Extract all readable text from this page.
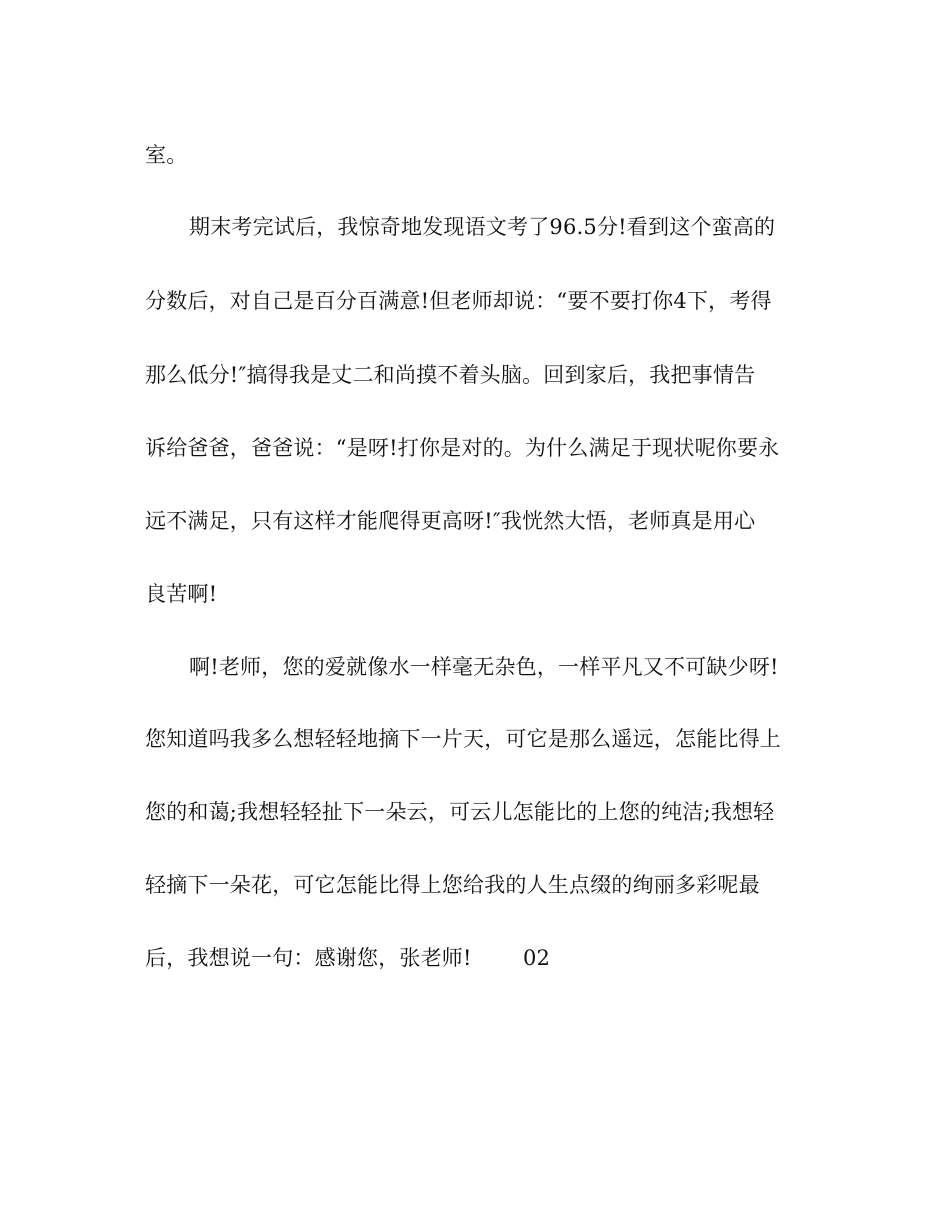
室。
期末考完试后，我惊奇地发现语文考了96.5分!看到这个蛮高的
分数后，对自己是百分百满意!但老师却说：“要不要打你4下，考得
那么低分!″搞得我是丈二和尚摸不着头脑。回到家后，我把事情告
诉给爸爸，爸爸说：“是呀!打你是对的。为什么满足于现状呢你要永
远不满足，只有这样才能爬得更高呀!″我恍然大悟，老师真是用心
良苦啊!
啊!老师，您的爱就像水一样毫无杂色，一样平凡又不可缺少呀!
您知道吗我多么想轻轻地摘下一片天，可它是那么遥远，怎能比得上
您的和蔼;我想轻轻扯下一朵云，可云儿怎能比的上您的纯洁;我想轻
轻摘下一朵花，可它怎能比得上您给我的人生点缀的绚丽多彩呢最
后，我想说一句：感谢您，张老师!	02
